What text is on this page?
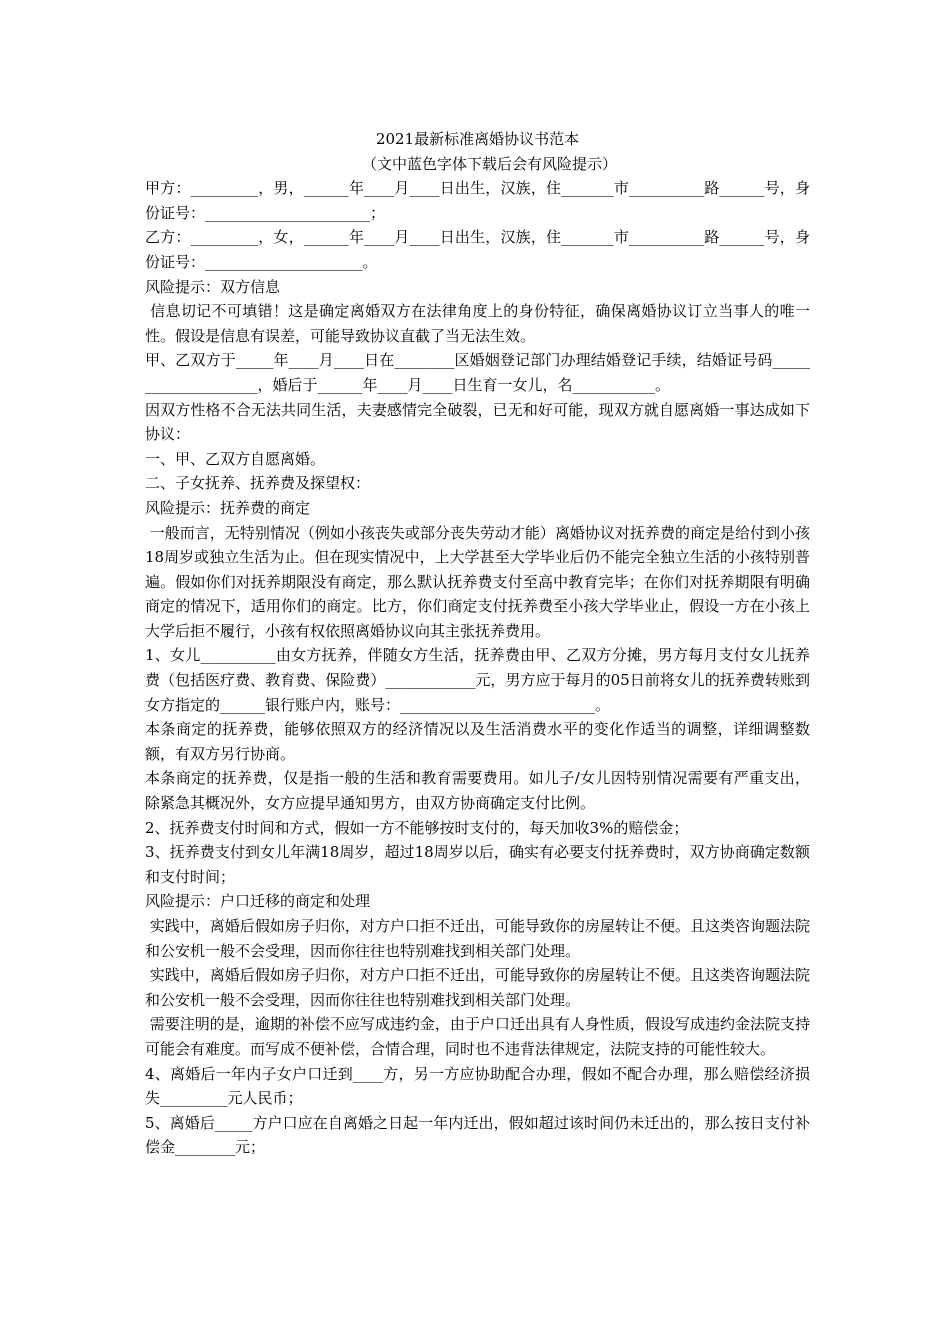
2021最新标准离婚协议书范本

（文中蓝色字体下载后会有风险提示）

甲方：_________，男，______年____月____日出生，汉族，住_______市__________路______号，身份证号：______________________；

乙方：_________，女，______年____月____日出生，汉族，住_______市__________路______号，身份证号：_____________________。

风险提示：双方信息

信息切记不可填错！这是确定离婚双方在法律角度上的身份特征，确保离婚协议订立当事人的唯一性。假设是信息有误差，可能导致协议直截了当无法生效。

甲、乙双方于_____年____月____日在________区婚姻登记部门办理结婚登记手续，结婚证号码____________________，婚后于______年____月____日生育一女儿，名___________。

因双方性格不合无法共同生活，夫妻感情完全破裂，已无和好可能，现双方就自愿离婚一事达成如下协议：

一、甲、乙双方自愿离婚。

二、子女抚养、抚养费及探望权：

风险提示：抚养费的商定

一般而言，无特别情况（例如小孩丧失或部分丧失劳动才能）离婚协议对抚养费的商定是给付到小孩18周岁或独立生活为止。但在现实情况中，上大学甚至大学毕业后仍不能完全独立生活的小孩特别普遍。假如你们对抚养期限没有商定，那么默认抚养费支付至高中教育完毕；在你们对抚养期限有明确商定的情况下，适用你们的商定。比方，你们商定支付抚养费至小孩大学毕业止，假设一方在小孩上大学后拒不履行，小孩有权依照离婚协议向其主张抚养费用。

1、女儿__________由女方抚养，伴随女方生活，抚养费由甲、乙双方分摊，男方每月支付女儿抚养费（包括医疗费、教育费、保险费）____________元，男方应于每月的05日前将女儿的抚养费转账到女方指定的______银行账户内，账号：__________________________。

本条商定的抚养费，能够依照双方的经济情况以及生活消费水平的变化作适当的调整，详细调整数额，有双方另行协商。

本条商定的抚养费，仅是指一般的生活和教育需要费用。如儿子/女儿因特别情况需要有严重支出，除紧急其概况外，女方应提早通知男方，由双方协商确定支付比例。

2、抚养费支付时间和方式，假如一方不能够按时支付的，每天加收3%的赔偿金；

3、抚养费支付到女儿年满18周岁，超过18周岁以后，确实有必要支付抚养费时，双方协商确定数额和支付时间；

风险提示：户口迁移的商定和处理

实践中，离婚后假如房子归你，对方户口拒不迁出，可能导致你的房屋转让不便。且这类咨询题法院和公安机一般不会受理，因而你往往也特别难找到相关部门处理。

实践中，离婚后假如房子归你，对方户口拒不迁出，可能导致你的房屋转让不便。且这类咨询题法院和公安机一般不会受理，因而你往往也特别难找到相关部门处理。

需要注明的是，逾期的补偿不应写成违约金，由于户口迁出具有人身性质，假设写成违约金法院支持可能会有难度。而写成不便补偿，合情合理，同时也不违背法律规定，法院支持的可能性较大。

4、离婚后一年内子女户口迁到____方，另一方应协助配合办理，假如不配合办理，那么赔偿经济损失_________元人民币；

5、离婚后_____方户口应在自离婚之日起一年内迁出，假如超过该时间仍未迁出的，那么按日支付补偿金________元；
